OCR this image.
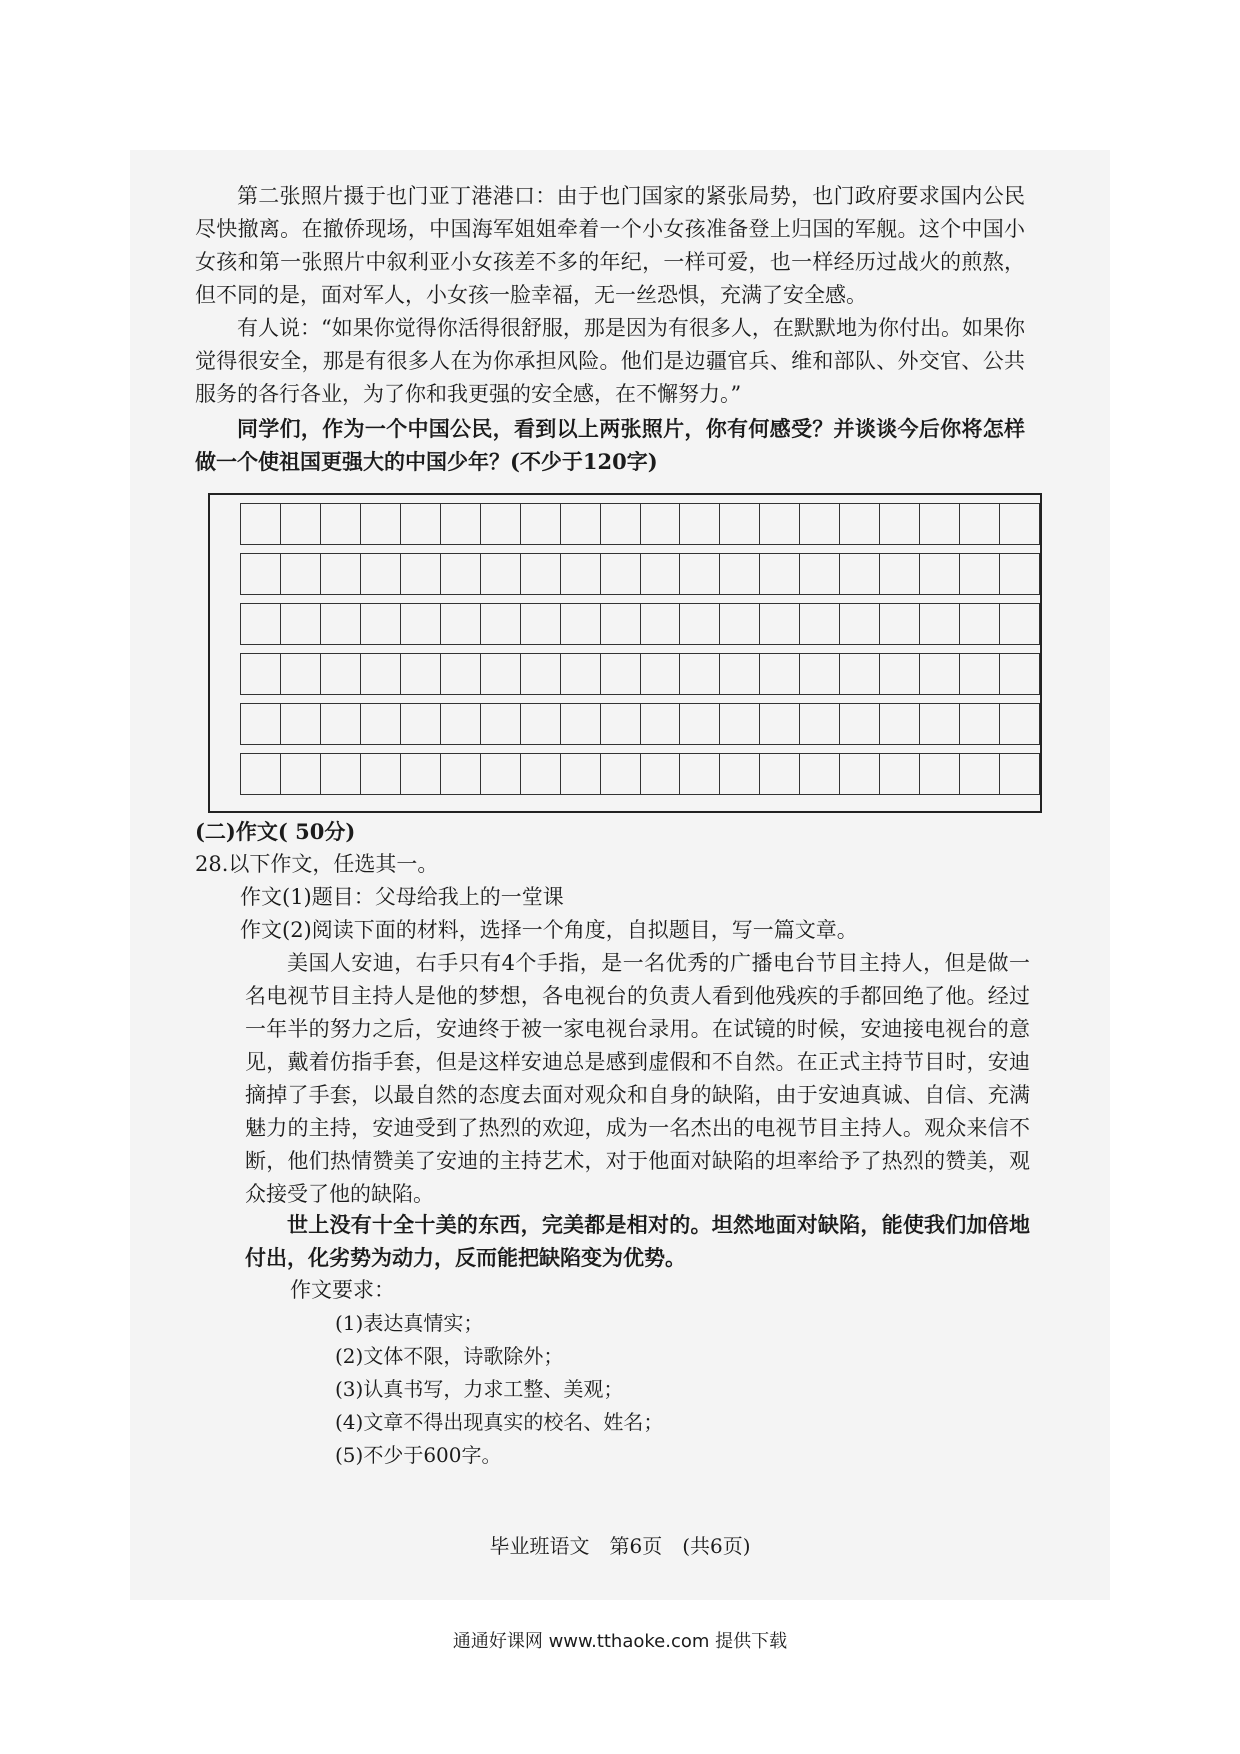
第二张照片摄于也门亚丁港港口：由于也门国家的紧张局势，也门政府要求国内公民尽快撤离。在撤侨现场，中国海军姐姐牵着一个小女孩准备登上归国的军舰。这个中国小女孩和第一张照片中叙利亚小女孩差不多的年纪，一样可爱，也一样经历过战火的煎熬，但不同的是，面对军人，小女孩一脸幸福，无一丝恐惧，充满了安全感。

有人说：“如果你觉得你活得很舒服，那是因为有很多人，在默默地为你付出。如果你觉得很安全，那是有很多人在为你承担风险。他们是边疆官兵、维和部队、外交官、公共服务的各行各业，为了你和我更强的安全感，在不懈努力。”

同学们，作为一个中国公民，看到以上两张照片，你有何感受？并谈谈今后你将怎样做一个使祖国更强大的中国少年？(不少于120字)

(二)作文( 50分)
28.以下作文，任选其一。
作文(1)题目：父母给我上的一堂课
作文(2)阅读下面的材料，选择一个角度，自拟题目，写一篇文章。

美国人安迪，右手只有4个手指，是一名优秀的广播电台节目主持人，但是做一名电视节目主持人是他的梦想，各电视台的负责人看到他残疾的手都回绝了他。经过一年半的努力之后，安迪终于被一家电视台录用。在试镜的时候，安迪接电视台的意见，戴着仿指手套，但是这样安迪总是感到虚假和不自然。在正式主持节目时，安迪摘掉了手套，以最自然的态度去面对观众和自身的缺陷，由于安迪真诚、自信、充满魅力的主持，安迪受到了热烈的欢迎，成为一名杰出的电视节目主持人。观众来信不断，他们热情赞美了安迪的主持艺术，对于他面对缺陷的坦率给予了热烈的赞美，观众接受了他的缺陷。

世上没有十全十美的东西，完美都是相对的。坦然地面对缺陷，能使我们加倍地付出，化劣势为动力，反而能把缺陷变为优势。

作文要求：
(1)表达真情实；
(2)文体不限，诗歌除外；
(3)认真书写，力求工整、美观；
(4)文章不得出现真实的校名、姓名；
(5)不少于600字。
毕业班语文　第6页　(共6页)
通通好课网 www.tthaoke.com 提供下载
